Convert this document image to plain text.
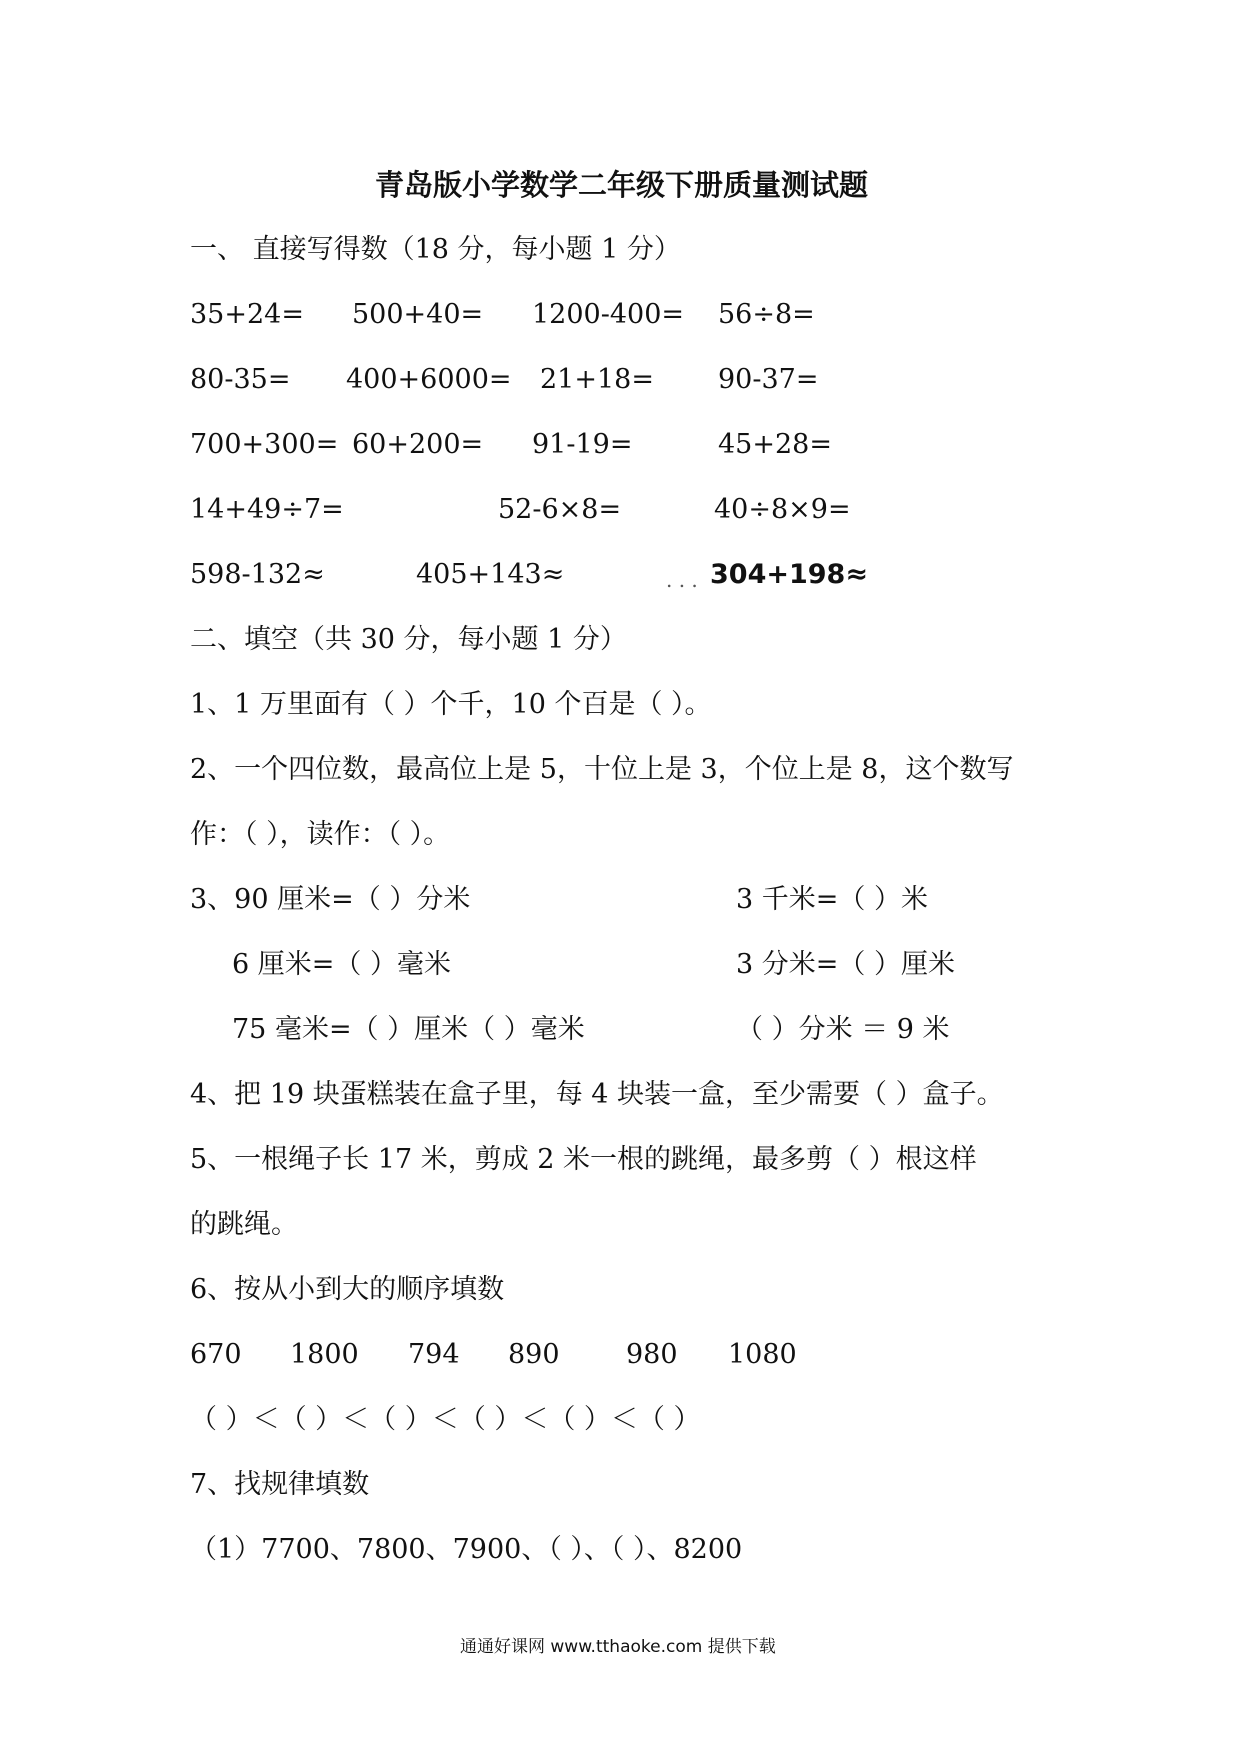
青岛版小学数学二年级下册质量测试题
一、 直接写得数（18 分，每小题 1 分）
35+24= 500+40= 1200-400= 56÷8=
80-35= 400+6000= 21+18= 90-37=
700+300= 60+200= 91-19=	45+28=
14+49÷7=	52-6×8=	40÷8×9=
598-132≈	405+143≈	. . . 304+198≈
二、填空（共 30 分，每小题 1 分）
1、1 万里面有（ ）个千，10 个百是（ ）。
2、一个四位数，最高位上是 5，十位上是 3，个位上是 8，这个数写
作：（ ），读作：（ ）。
3、90 厘米=（ ）分米	3 千米=（ ）米
6 厘米=（ ）毫米	3 分米=（ ）厘米
75 毫米=（ ）厘米（ ）毫米	（ ）分米 ＝ 9 米
4、把 19 块蛋糕装在盒子里，每 4 块装一盒，至少需要（ ）盒子。
5、一根绳子长 17 米，剪成 2 米一根的跳绳，最多剪（ ）根这样
的跳绳。
6、按从小到大的顺序填数
670 1800 794 890 980 1080
（ ）＜（ ）＜（ ）＜（ ）＜（ ）＜（ ）
7、找规律填数
（1）7700、7800、7900、（ ）、（ ）、8200
通通好课网 www.tthaoke.com 提供下载
